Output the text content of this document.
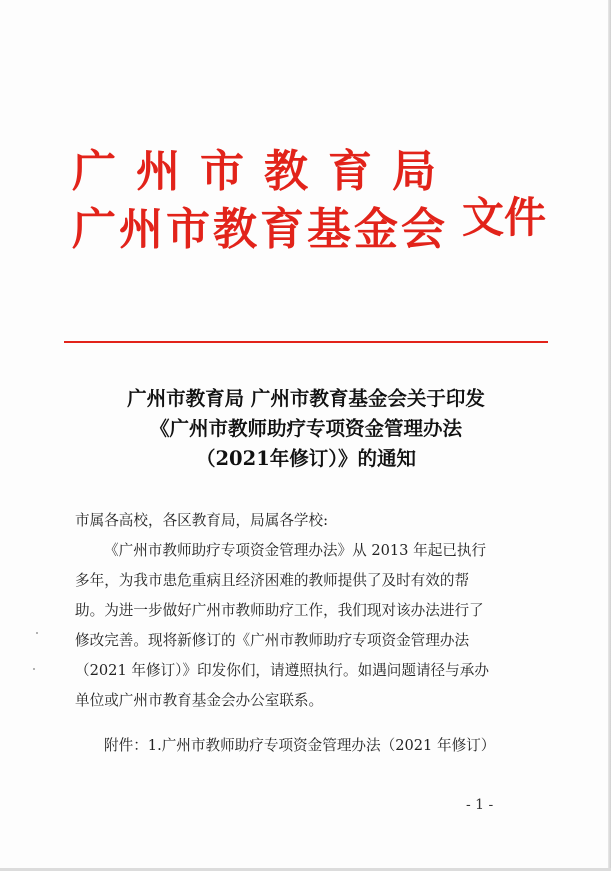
广州市教育局
广州市教育基金会 文件
广州市教育局 广州市教育基金会关于印发
《广州市教师助疗专项资金管理办法
（2021年修订）》的通知
市属各高校，各区教育局，局属各学校:
《广州市教师助疗专项资金管理办法》从 2013 年起已执行
多年，为我市患危重病且经济困难的教师提供了及时有效的帮
助。为进一步做好广州市教师助疗工作，我们现对该办法进行了
修改完善。现将新修订的《广州市教师助疗专项资金管理办法
（2021 年修订）》印发你们，请遵照执行。如遇问题请径与承办
单位或广州市教育基金会办公室联系。
附件：1.广州市教师助疗专项资金管理办法（2021 年修订）
- 1 -
